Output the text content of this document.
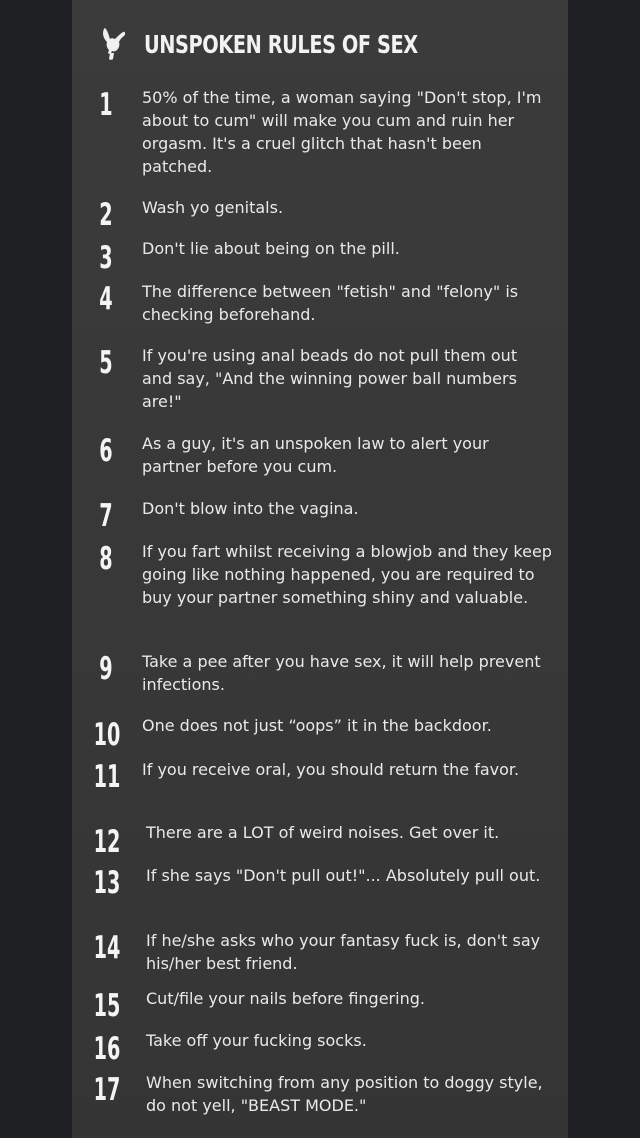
UNSPOKEN RULES OF SEX
1	50% of the time, a woman saying "Don't stop, I'm about to cum" will make you cum and ruin her orgasm. It's a cruel glitch that hasn't been patched.
2	Wash yo genitals.
3	Don't lie about being on the pill.
4	The difference between "fetish" and "felony" is checking beforehand.
5	If you're using anal beads do not pull them out and say, "And the winning power ball numbers are!"
6	As a guy, it's an unspoken law to alert your partner before you cum.
7	Don't blow into the vagina.
8	If you fart whilst receiving a blowjob and they keep going like nothing happened, you are required to buy your partner something shiny and valuable.
9	Take a pee after you have sex, it will help prevent infections.
10 One does not just “oops” it in the backdoor.
11 If you receive oral, you should return the favor.
12 There are a LOT of weird noises. Get over it.
13 If she says "Don't pull out!"... Absolutely pull out.
14 If he/she asks who your fantasy fuck is, don't say his/her best friend.
15 Cut/file your nails before fingering.
16 Take off your fucking socks.
17 When switching from any position to doggy style, do not yell, "BEAST MODE."
